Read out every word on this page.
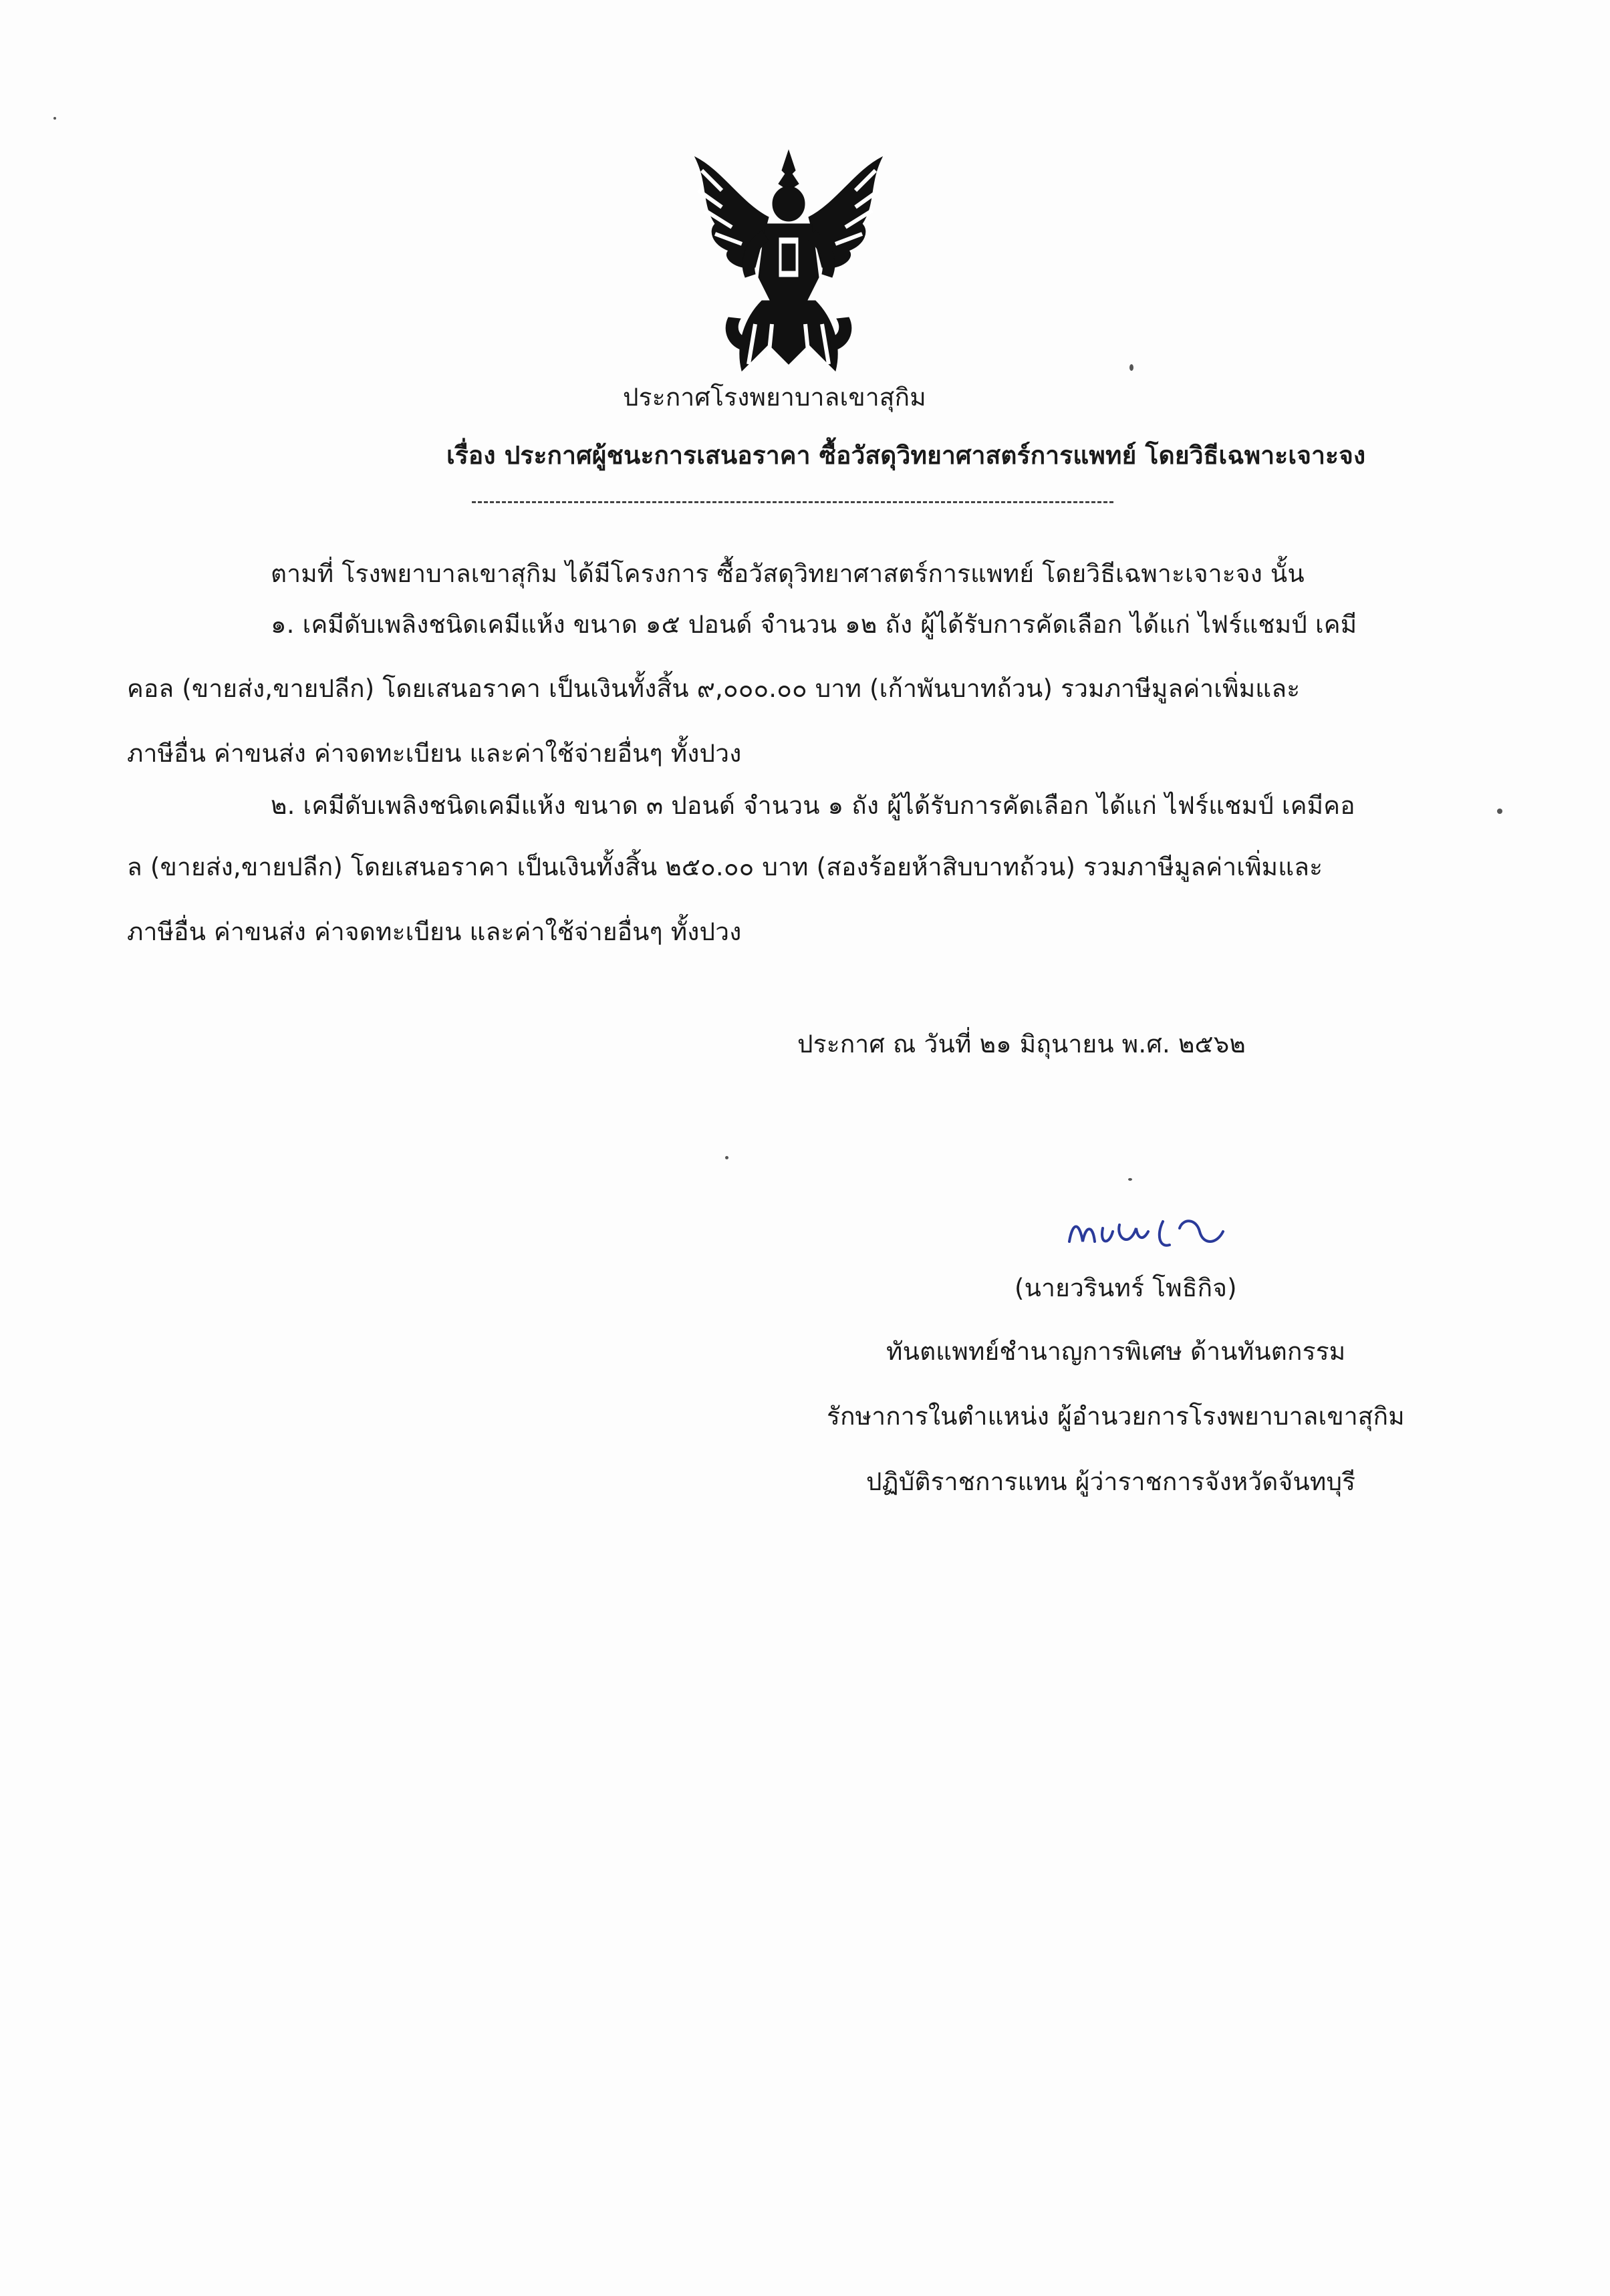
ประกาศโรงพยาบาลเขาสุกิม
เรื่อง ประกาศผู้ชนะการเสนอราคา ซื้อวัสดุวิทยาศาสตร์การแพทย์ โดยวิธีเฉพาะเจาะจง
ตามที่ โรงพยาบาลเขาสุกิม ได้มีโครงการ ซื้อวัสดุวิทยาศาสตร์การแพทย์ โดยวิธีเฉพาะเจาะจง นั้น
๑. เคมีดับเพลิงชนิดเคมีแห้ง ขนาด ๑๕ ปอนด์ จำนวน ๑๒ ถัง ผู้ได้รับการคัดเลือก ได้แก่ ไฟร์แชมป์ เคมี
คอล (ขายส่ง,ขายปลีก) โดยเสนอราคา เป็นเงินทั้งสิ้น ๙,๐๐๐.๐๐ บาท (เก้าพันบาทถ้วน) รวมภาษีมูลค่าเพิ่มและ
ภาษีอื่น ค่าขนส่ง ค่าจดทะเบียน และค่าใช้จ่ายอื่นๆ ทั้งปวง
๒. เคมีดับเพลิงชนิดเคมีแห้ง ขนาด ๓ ปอนด์ จำนวน ๑ ถัง ผู้ได้รับการคัดเลือก ได้แก่ ไฟร์แชมป์ เคมีคอ
ล (ขายส่ง,ขายปลีก) โดยเสนอราคา เป็นเงินทั้งสิ้น ๒๕๐.๐๐ บาท (สองร้อยห้าสิบบาทถ้วน) รวมภาษีมูลค่าเพิ่มและ
ภาษีอื่น ค่าขนส่ง ค่าจดทะเบียน และค่าใช้จ่ายอื่นๆ ทั้งปวง
ประกาศ ณ วันที่ ๒๑ มิถุนายน พ.ศ. ๒๕๖๒
(นายวรินทร์ โพธิกิจ)
ทันตแพทย์ชำนาญการพิเศษ ด้านทันตกรรม
รักษาการในตำแหน่ง ผู้อำนวยการโรงพยาบาลเขาสุกิม
ปฏิบัติราชการแทน ผู้ว่าราชการจังหวัดจันทบุรี
